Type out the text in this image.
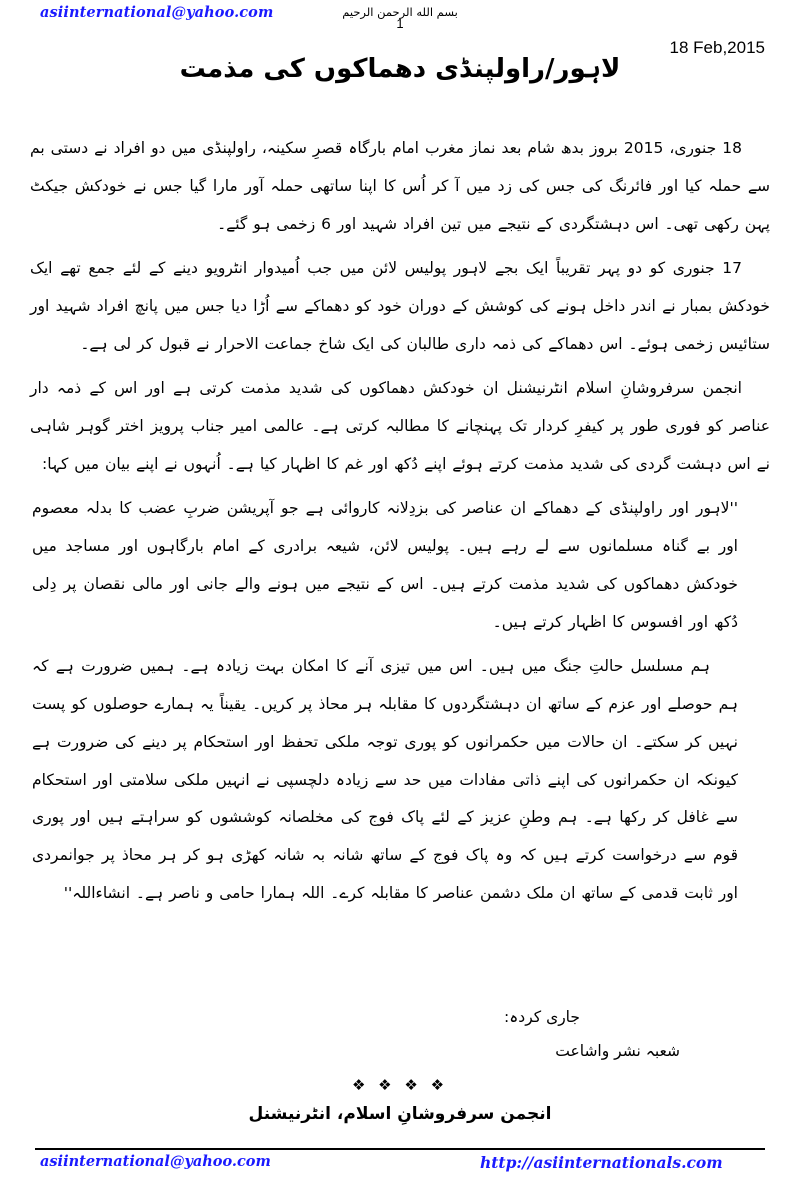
asiinternational@yahoo.com	بسم الله الرحمن الرحيم
1
18 Feb,2015
لاہور/راولپنڈی دھماکوں کی مذمت

18 جنوری، 2015 بروز بدھ شام بعد نماز مغرب امام بارگاہ قصرِ سکینہ، راولپنڈی میں دو افراد نے دستی بم سے حملہ کیا اور فائرنگ کی جس کی زد میں آ کر اُس کا اپنا ساتھی حملہ آور مارا گیا جس نے خودکش جیکٹ پہن رکھی تھی۔ اس دہشتگردی کے نتیجے میں تین افراد شہید اور 6 زخمی ہو گئے۔

17 جنوری کو دو پہر تقریباً ایک بجے لاہور پولیس لائن میں جب اُمیدوار انٹرویو دینے کے لئے جمع تھے ایک خودکش بمبار نے اندر داخل ہونے کی کوشش کے دوران خود کو دھماکے سے اُڑا دیا جس میں پانچ افراد شہید اور ستائیس زخمی ہوئے۔ اس دھماکے کی ذمہ داری طالبان کی ایک شاخ جماعت الاحرار نے قبول کر لی ہے۔

انجمن سرفروشانِ اسلام انٹرنیشنل ان خودکش دھماکوں کی شدید مذمت کرتی ہے اور اس کے ذمہ دار عناصر کو فوری طور پر کیفرِ کردار تک پہنچانے کا مطالبہ کرتی ہے۔ عالمی امیر جناب پرویز اختر گوہر شاہی نے اس دہشت گردی کی شدید مذمت کرتے ہوئے اپنے دُکھ اور غم کا اظہار کیا ہے۔ اُنہوں نے اپنے بیان میں کہا:

''لاہور اور راولپنڈی کے دھماکے ان عناصر کی بزدِلانہ کاروائی ہے جو آپریشن ضربِ عضب کا بدلہ معصوم اور بے گناہ مسلمانوں سے لے رہے ہیں۔ پولیس لائن، شیعہ برادری کے امام بارگاہوں اور مساجد میں خودکش دھماکوں کی شدید مذمت کرتے ہیں۔ اس کے نتیجے میں ہونے والے جانی اور مالی نقصان پر دِلی دُکھ اور افسوس کا اظہار کرتے ہیں۔

ہم مسلسل حالتِ جنگ میں ہیں۔ اس میں تیزی آنے کا امکان بہت زیادہ ہے۔ ہمیں ضرورت ہے کہ ہم حوصلے اور عزم کے ساتھ ان دہشتگردوں کا مقابلہ ہر محاذ پر کریں۔ یقیناً یہ ہمارے حوصلوں کو پست نہیں کر سکتے۔ ان حالات میں حکمرانوں کو پوری توجہ ملکی تحفظ اور استحکام پر دینے کی ضرورت ہے کیونکہ ان حکمرانوں کی اپنے ذاتی مفادات میں حد سے زیادہ دلچسپی نے انہیں ملکی سلامتی اور استحکام سے غافل کر رکھا ہے۔ ہم وطنِ عزیز کے لئے پاک فوج کی مخلصانہ کوششوں کو سراہتے ہیں اور پوری قوم سے درخواست کرتے ہیں کہ وہ پاک فوج کے ساتھ شانہ بہ شانہ کھڑی ہو کر ہر محاذ پر جوانمردی اور ثابت قدمی کے ساتھ ان ملک دشمن عناصر کا مقابلہ کرے۔ اللہ ہمارا حامی و ناصر ہے۔ انشاءاللہ''

جاری کردہ:

شعبہ نشر واشاعت

❖ ❖ ❖ ❖
انجمن سرفروشانِ اسلام، انٹرنیشنل
asiinternational@yahoo.com	http://asiinternationals.com
